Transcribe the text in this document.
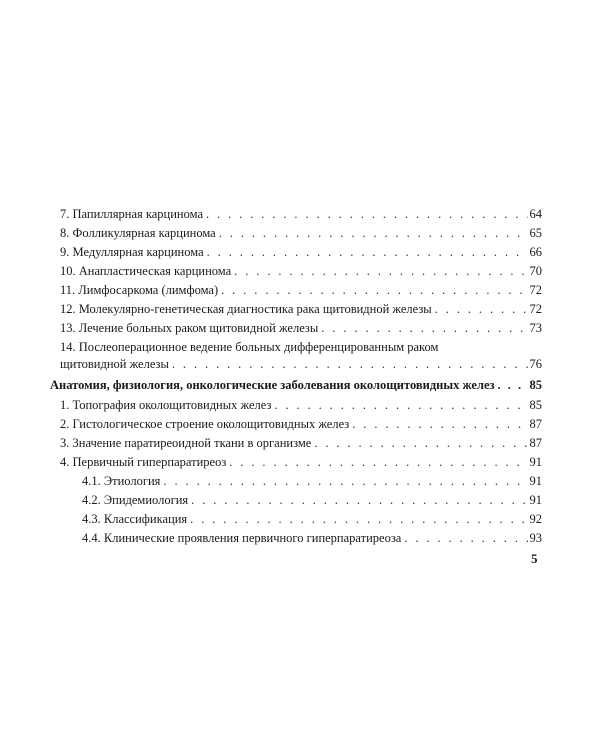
7. Папиллярная карцинома . . .	64
8. Фолликулярная карцинома . . .	65
9. Медуллярная карцинома . . .	66
10. Анапластическая карцинома . . .	70
11. Лимфосаркома (лимфома) . . .	72
12. Молекулярно-генетическая диагностика рака щитовидной железы . . .	72
13. Лечение больных раком щитовидной железы . . .	73
14. Послеоперационное ведение больных дифференцированным раком
щитовидной железы . . .	76
Анатомия, физиология, онкологические заболевания околощитовидных желез . . .	85
1. Топография околощитовидных желез . . .	85
2. Гистологическое строение околощитовидных желез . . .	87
3. Значение паратиреоидной ткани в организме . . .	87
4. Первичный гиперпаратиреоз . . .	91
4.1. Этиология . . .	91
4.2. Эпидемиология . . .	91
4.3. Классификация . . .	92
4.4. Клинические проявления первичного гиперпаратиреоза . . .	93
5
